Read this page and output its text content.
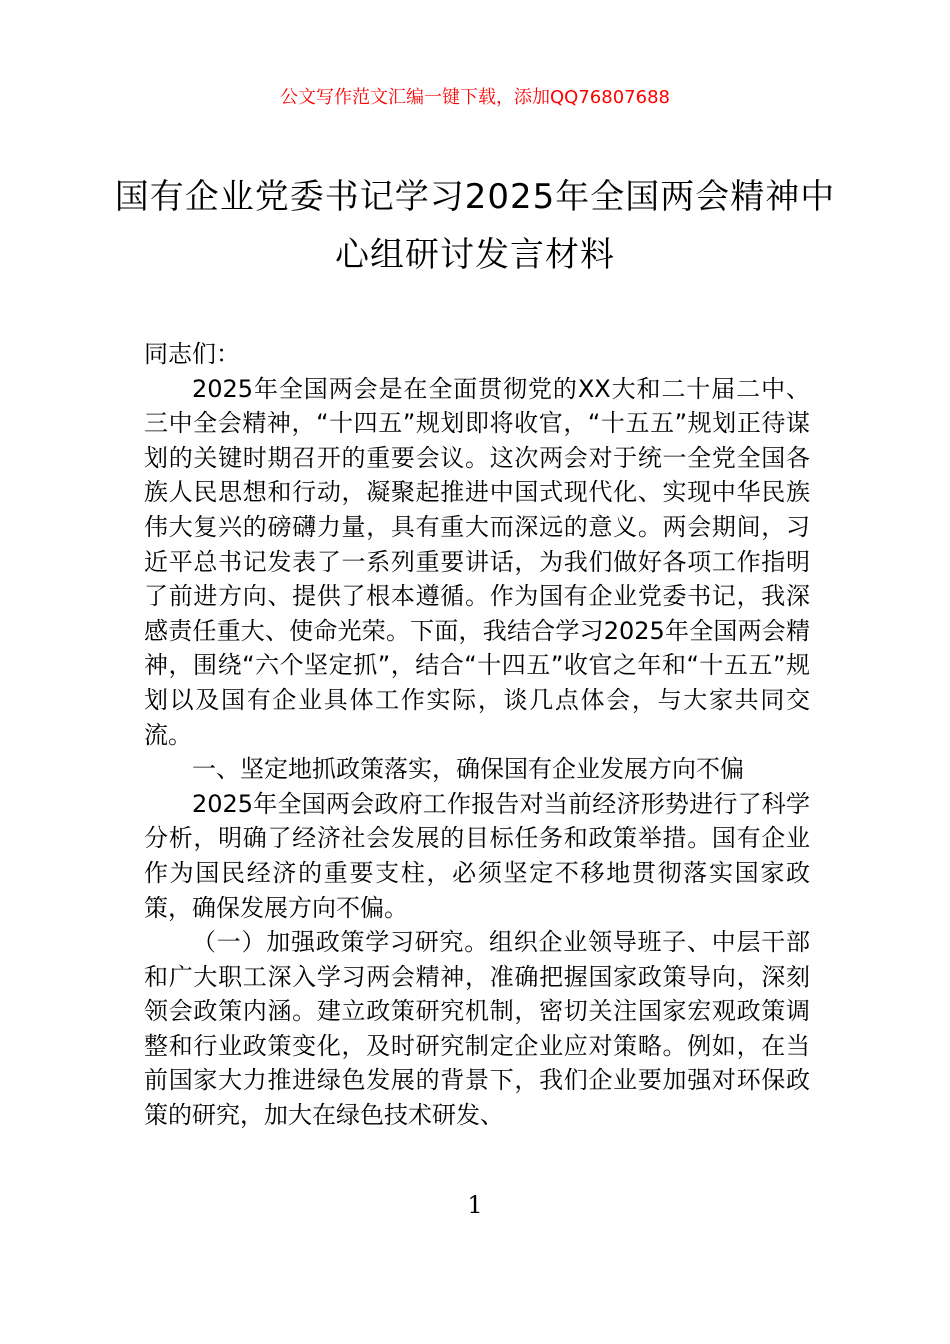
公文写作范文汇编一键下载，添加QQ76807688
国有企业党委书记学习2025年全国两会精神中心组研讨发言材料

同志们：

2025年全国两会是在全面贯彻党的XX大和二十届二中、三中全会精神，“十四五”规划即将收官，“十五五”规划正待谋划的关键时期召开的重要会议。这次两会对于统一全党全国各族人民思想和行动，凝聚起推进中国式现代化、实现中华民族伟大复兴的磅礴力量，具有重大而深远的意义。两会期间，习近平总书记发表了一系列重要讲话，为我们做好各项工作指明了前进方向、提供了根本遵循。作为国有企业党委书记，我深感责任重大、使命光荣。下面，我结合学习2025年全国两会精神，围绕“六个坚定抓”，结合“十四五”收官之年和“十五五”规划以及国有企业具体工作实际，谈几点体会，与大家共同交流。

一、坚定地抓政策落实，确保国有企业发展方向不偏

2025年全国两会政府工作报告对当前经济形势进行了科学分析，明确了经济社会发展的目标任务和政策举措。国有企业作为国民经济的重要支柱，必须坚定不移地贯彻落实国家政策，确保发展方向不偏。

（一）加强政策学习研究。组织企业领导班子、中层干部和广大职工深入学习两会精神，准确把握国家政策导向，深刻领会政策内涵。建立政策研究机制，密切关注国家宏观政策调整和行业政策变化，及时研究制定企业应对策略。例如，在当前国家大力推进绿色发展的背景下，我们企业要加强对环保政策的研究，加大在绿色技术研发、

1
